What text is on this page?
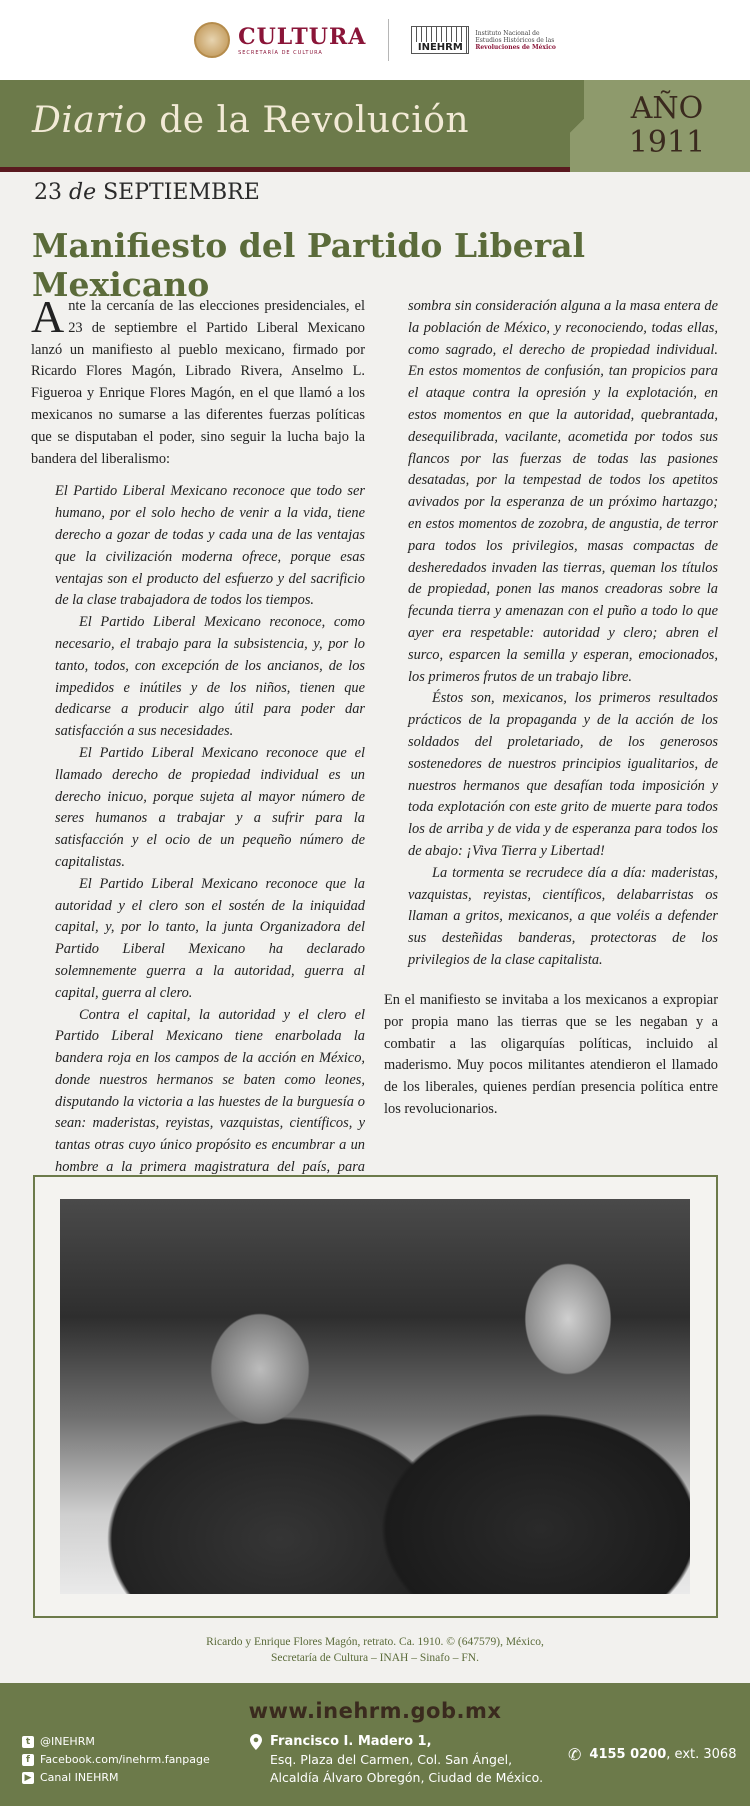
CULTURA
SECRETARÍA DE CULTURA	INEHRM
Instituto Nacional de
Estudios Históricos de las
Revoluciones de México
Diario de la Revolución	AÑO
1911
23 de SEPTIEMBRE
Manifiesto del Partido Liberal Mexicano

Ante la cercanía de las elecciones presidenciales, el 23 de septiembre el Partido Liberal Mexicano lanzó un manifiesto al pueblo mexicano, firmado por Ricardo Flores Magón, Librado Rivera, Anselmo L. Figueroa y Enrique Flores Magón, en el que llamó a los mexicanos no sumarse a las diferentes fuerzas políticas que se disputaban el poder, sino seguir la lucha bajo la bandera del liberalismo:

El Partido Liberal Mexicano reconoce que todo ser humano, por el solo hecho de venir a la vida, tiene derecho a gozar de todas y cada una de las ventajas que la civilización moderna ofrece, porque esas ventajas son el producto del esfuerzo y del sacrificio de la clase trabajadora de todos los tiempos.

El Partido Liberal Mexicano reconoce, como necesario, el trabajo para la subsistencia, y, por lo tanto, todos, con excepción de los ancianos, de los impedidos e inútiles y de los niños, tienen que dedicarse a producir algo útil para poder dar satisfacción a sus necesidades.

El Partido Liberal Mexicano reconoce que el llamado derecho de propiedad individual es un derecho inicuo, porque sujeta al mayor número de seres humanos a trabajar y a sufrir para la satisfacción y el ocio de un pequeño número de capitalistas.

El Partido Liberal Mexicano reconoce que la autoridad y el clero son el sostén de la iniquidad capital, y, por lo tanto, la junta Organizadora del Partido Liberal Mexicano ha declarado solemnemente guerra a la autoridad, guerra al capital, guerra al clero.

Contra el capital, la autoridad y el clero el Partido Liberal Mexicano tiene enarbolada la bandera roja en los campos de la acción en México, donde nuestros hermanos se baten como leones, disputando la victoria a las huestes de la burguesía o sean: maderistas, reyistas, vazquistas, científicos, y tantas otras cuyo único propósito es encumbrar a un hombre a la primera magistratura del país, para

sombra sin consideración alguna a la masa entera de la población de México, y reconociendo, todas ellas, como sagrado, el derecho de propiedad individual. En estos momentos de confusión, tan propicios para el ataque contra la opresión y la explotación, en estos momentos en que la autoridad, quebrantada, desequilibrada, vacilante, acometida por todos sus flancos por las fuerzas de todas las pasiones desatadas, por la tempestad de todos los apetitos avivados por la esperanza de un próximo hartazgo; en estos momentos de zozobra, de angustia, de terror para todos los privilegios, masas compactas de desheredados invaden las tierras, queman los títulos de propiedad, ponen las manos creadoras sobre la fecunda tierra y amenazan con el puño a todo lo que ayer era respetable: autoridad y clero; abren el surco, esparcen la semilla y esperan, emocionados, los primeros frutos de un trabajo libre.

Éstos son, mexicanos, los primeros resultados prácticos de la propaganda y de la acción de los soldados del proletariado, de los generosos sostenedores de nuestros principios igualitarios, de nuestros hermanos que desafían toda imposición y toda explotación con este grito de muerte para todos los de arriba y de vida y de esperanza para todos los de abajo: ¡Viva Tierra y Libertad!

La tormenta se recrudece día a día: maderistas, vazquistas, reyistas, científicos, delabarristas os llaman a gritos, mexicanos, a que voléis a defender sus desteñidas banderas, protectoras de los privilegios de la clase capitalista.

En el manifiesto se invitaba a los mexicanos a expropiar por propia mano las tierras que se les negaban y a combatir a las oligarquías políticas, incluido al maderismo. Muy pocos militantes atendieron el llamado de los liberales, quienes perdían presencia política entre los revolucionarios.

Ricardo y Enrique Flores Magón, retrato. Ca. 1910. © (647579), México,
Secretaría de Cultura – INAH – Sinafo – FN.
www.inehrm.gob.mx
t @INEHRM
f Facebook.com/inehrm.fanpage
▶ Canal INEHRM
Francisco I. Madero 1,
Esq. Plaza del Carmen, Col. San Ángel,
Alcaldía Álvaro Obregón, Ciudad de México.
✆ 4155 0200, ext. 3068
